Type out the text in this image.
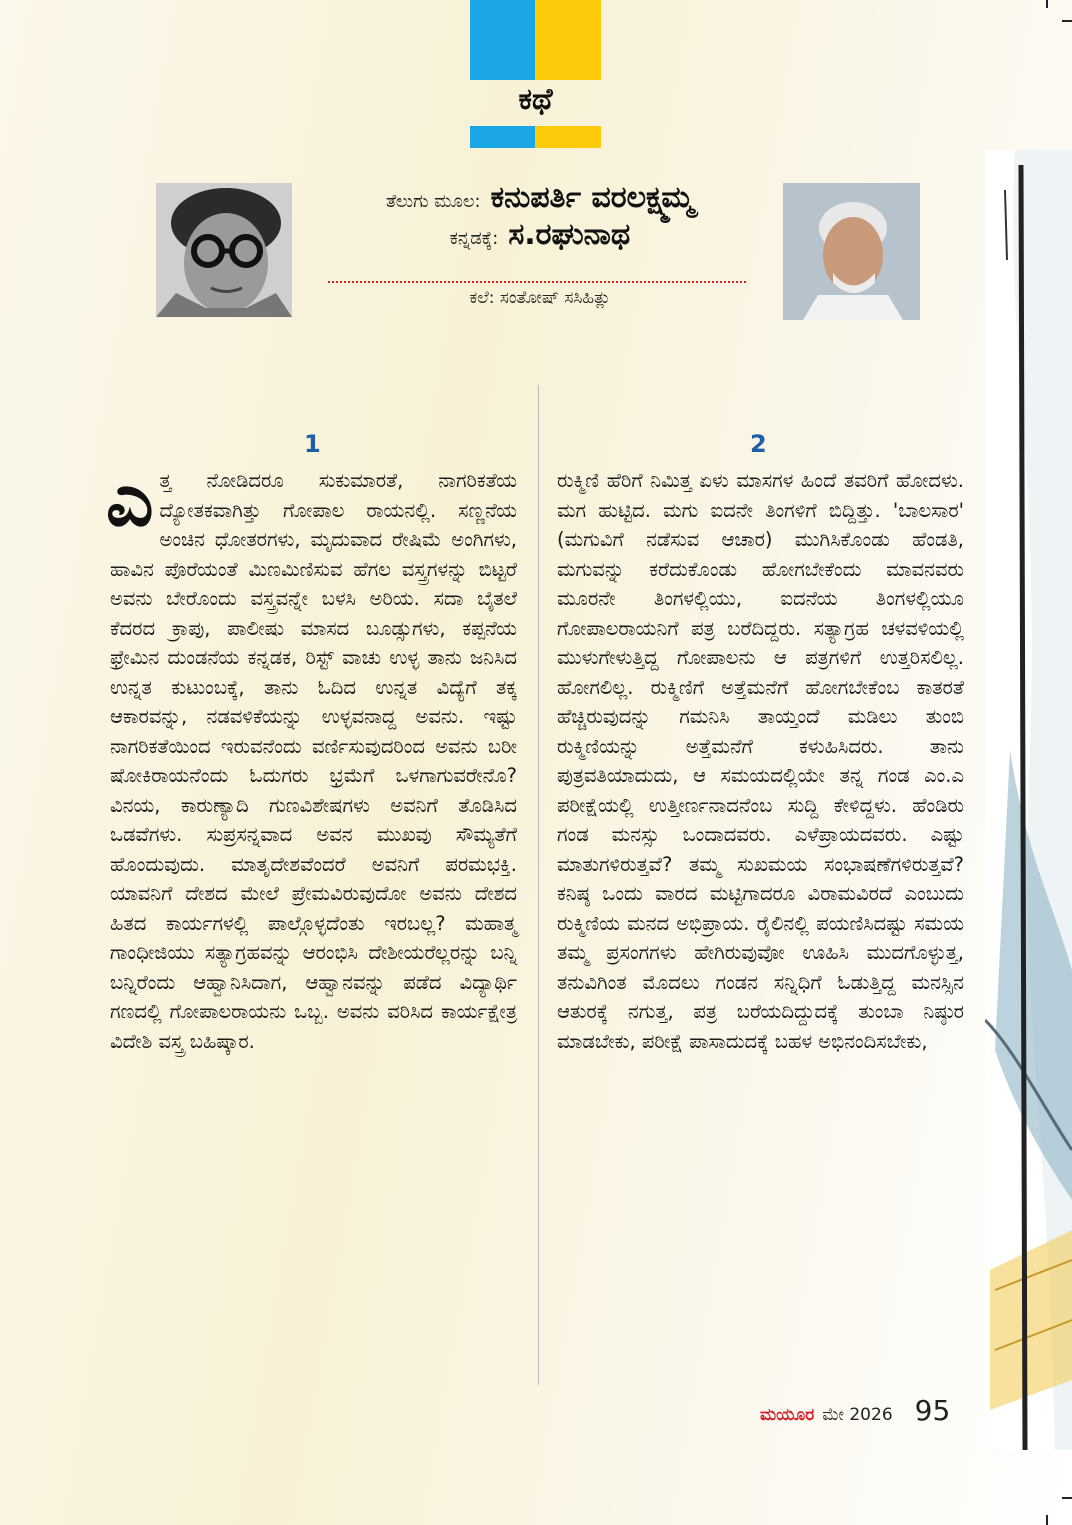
ಕಥೆ
ತೆಲುಗು ಮೂಲ: ಕನುಪರ್ತಿ ವರಲಕ್ಷ್ಮಮ್ಮ
ಕನ್ನಡಕ್ಕೆ: ಸ.ರಘುನಾಥ
ಕಲೆ: ಸಂತೋಷ್ ಸಸಿಹಿತ್ಲು
1	2
ಎ ತ್ತ ನೋಡಿದರೂ ಸುಕುಮಾರತೆ, ನಾಗರಿಕತೆಯ ದ್ಯೋತಕವಾಗಿತ್ತು ಗೋಪಾಲ ರಾಯನಲ್ಲಿ. ಸಣ್ಣನೆಯ ಅಂಚಿನ ಧೋತರಗಳು, ಮೃದುವಾದ ರೇಷಿಮೆ ಅಂಗಿಗಳು, ಹಾವಿನ ಪೊರೆಯಂತೆ ಮಿಣಮಿಣಿಸುವ ಹೆಗಲ ವಸ್ತ್ರಗಳನ್ನು ಬಿಟ್ಟರೆ ಅವನು ಬೇರೊಂದು ವಸ್ತ್ರವನ್ನೇ ಬಳಸಿ ಅರಿಯ. ಸದಾ ಬೈತಲೆ ಕೆದರದ ಕ್ರಾಪು, ಪಾಲೀಷು ಮಾಸದ ಬೂಡ್ಸುಗಳು, ಕಪ್ಪನೆಯ ಫ್ರೇಮಿನ ದುಂಡನೆಯ ಕನ್ನಡಕ, ರಿಸ್ಟ್ ವಾಚು ಉಳ್ಳ ತಾನು ಜನಿಸಿದ ಉನ್ನತ ಕುಟುಂಬಕ್ಕೆ, ತಾನು ಓದಿದ ಉನ್ನತ ವಿದ್ಯೆಗೆ ತಕ್ಕ ಆಕಾರವನ್ನು, ನಡವಳಿಕೆಯನ್ನು ಉಳ್ಳವನಾದ್ದ ಅವನು. ಇಷ್ಟು ನಾಗರಿಕತೆಯಿಂದ ಇರುವನೆಂದು ವರ್ಣಿಸುವುದರಿಂದ ಅವನು ಬರೀ ಷೋಕಿರಾಯನೆಂದು ಓದುಗರು ಭ್ರಮೆಗೆ ಒಳಗಾಗುವರೇನೊ? ವಿನಯ, ಕಾರುಣ್ಯಾದಿ ಗುಣವಿಶೇಷಗಳು ಅವನಿಗೆ ತೊಡಿಸಿದ ಒಡವೆಗಳು. ಸುಪ್ರಸನ್ನವಾದ ಅವನ ಮುಖವು ಸೌಮ್ಯತೆಗೆ ಹೊಂದುವುದು. ಮಾತೃದೇಶವೆಂದರೆ ಅವನಿಗೆ ಪರಮಭಕ್ತಿ. ಯಾವನಿಗೆ ದೇಶದ ಮೇಲೆ ಪ್ರೇಮವಿರುವುದೋ ಅವನು ದೇಶದ ಹಿತದ ಕಾರ್ಯಗಳಲ್ಲಿ ಪಾಲ್ಗೊಳ್ಳದೆಂತು ಇರಬಲ್ಲ? ಮಹಾತ್ಮ ಗಾಂಧೀಜಿಯು ಸತ್ಯಾಗ್ರಹವನ್ನು ಆರಂಭಿಸಿ ದೇಶೀಯರೆಲ್ಲರನ್ನು ಬನ್ನಿ ಬನ್ನಿರೆಂದು ಆಹ್ವಾನಿಸಿದಾಗ, ಆಹ್ವಾನವನ್ನು ಪಡೆದ ವಿದ್ಯಾರ್ಥಿ ಗಣದಲ್ಲಿ ಗೋಪಾಲರಾಯನು ಒಬ್ಬ. ಅವನು ವರಿಸಿದ ಕಾರ್ಯಕ್ಷೇತ್ರ ವಿದೇಶಿ ವಸ್ತ್ರ ಬಹಿಷ್ಕಾರ.
ರುಕ್ಮಿಣಿ ಹೆರಿಗೆ ನಿಮಿತ್ತ ಏಳು ಮಾಸಗಳ ಹಿಂದೆ ತವರಿಗೆ ಹೋದಳು. ಮಗ ಹುಟ್ಟಿದ. ಮಗು ಐದನೇ ತಿಂಗಳಿಗೆ ಬಿದ್ದಿತ್ತು. 'ಬಾಲಸಾರ' (ಮಗುವಿಗೆ ನಡೆಸುವ ಆಚಾರ) ಮುಗಿಸಿಕೊಂಡು ಹೆಂಡತಿ, ಮಗುವನ್ನು ಕರೆದುಕೊಂಡು ಹೋಗಬೇಕೆಂದು ಮಾವನವರು ಮೂರನೇ ತಿಂಗಳಲ್ಲಿಯು, ಐದನೆಯ ತಿಂಗಳಲ್ಲಿಯೂ ಗೋಪಾಲರಾಯನಿಗೆ ಪತ್ರ ಬರೆದಿದ್ದರು. ಸತ್ಯಾಗ್ರಹ ಚಳವಳಿಯಲ್ಲಿ ಮುಳುಗೇಳುತ್ತಿದ್ದ ಗೋಪಾಲನು ಆ ಪತ್ರಗಳಿಗೆ ಉತ್ತರಿಸಲಿಲ್ಲ. ಹೋಗಲಿಲ್ಲ. ರುಕ್ಮಿಣಿಗೆ ಅತ್ತೆಮನೆಗೆ ಹೋಗಬೇಕೆಂಬ ಕಾತರತೆ ಹೆಚ್ಚಿರುವುದನ್ನು ಗಮನಿಸಿ ತಾಯ್ತಂದೆ ಮಡಿಲು ತುಂಬಿ ರುಕ್ಮಿಣಿಯನ್ನು ಅತ್ತೆಮನೆಗೆ ಕಳುಹಿಸಿದರು. ತಾನು ಪುತ್ರವತಿಯಾದುದು, ಆ ಸಮಯದಲ್ಲಿಯೇ ತನ್ನ ಗಂಡ ಎಂ.ಎ ಪರೀಕ್ಷೆಯಲ್ಲಿ ಉತ್ತೀರ್ಣನಾದನೆಂಬ ಸುದ್ದಿ ಕೇಳಿದ್ದಳು. ಹೆಂಡಿರು ಗಂಡ ಮನಸ್ಸು ಒಂದಾದವರು. ಎಳೆಪ್ರಾಯದವರು. ಎಷ್ಟು ಮಾತುಗಳಿರುತ್ತವೆ? ತಮ್ಮ ಸುಖಮಯ ಸಂಭಾಷಣೆಗಳಿರುತ್ತವೆ? ಕನಿಷ್ಠ ಒಂದು ವಾರದ ಮಟ್ಟಿಗಾದರೂ ವಿರಾಮವಿರದೆ ಎಂಬುದು ರುಕ್ಮಿಣಿಯ ಮನದ ಅಭಿಪ್ರಾಯ. ರೈಲಿನಲ್ಲಿ ಪಯಣಿಸಿದಷ್ಟು ಸಮಯ ತಮ್ಮ ಪ್ರಸಂಗಗಳು ಹೇಗಿರುವುವೋ ಊಹಿಸಿ ಮುದಗೊಳ್ಳುತ್ತ, ತನುವಿಗಿಂತ ಮೊದಲು ಗಂಡನ ಸನ್ನಿಧಿಗೆ ಓಡುತ್ತಿದ್ದ ಮನಸ್ಸಿನ ಆತುರಕ್ಕೆ ನಗುತ್ತ, ಪತ್ರ ಬರೆಯದಿದ್ದುದಕ್ಕೆ ತುಂಬಾ ನಿಷ್ಠುರ ಮಾಡಬೇಕು, ಪರೀಕ್ಷೆ ಪಾಸಾದುದಕ್ಕೆ ಬಹಳ ಅಭಿನಂದಿಸಬೇಕು,
ಮಯೂರ ಮೇ 2026 95
